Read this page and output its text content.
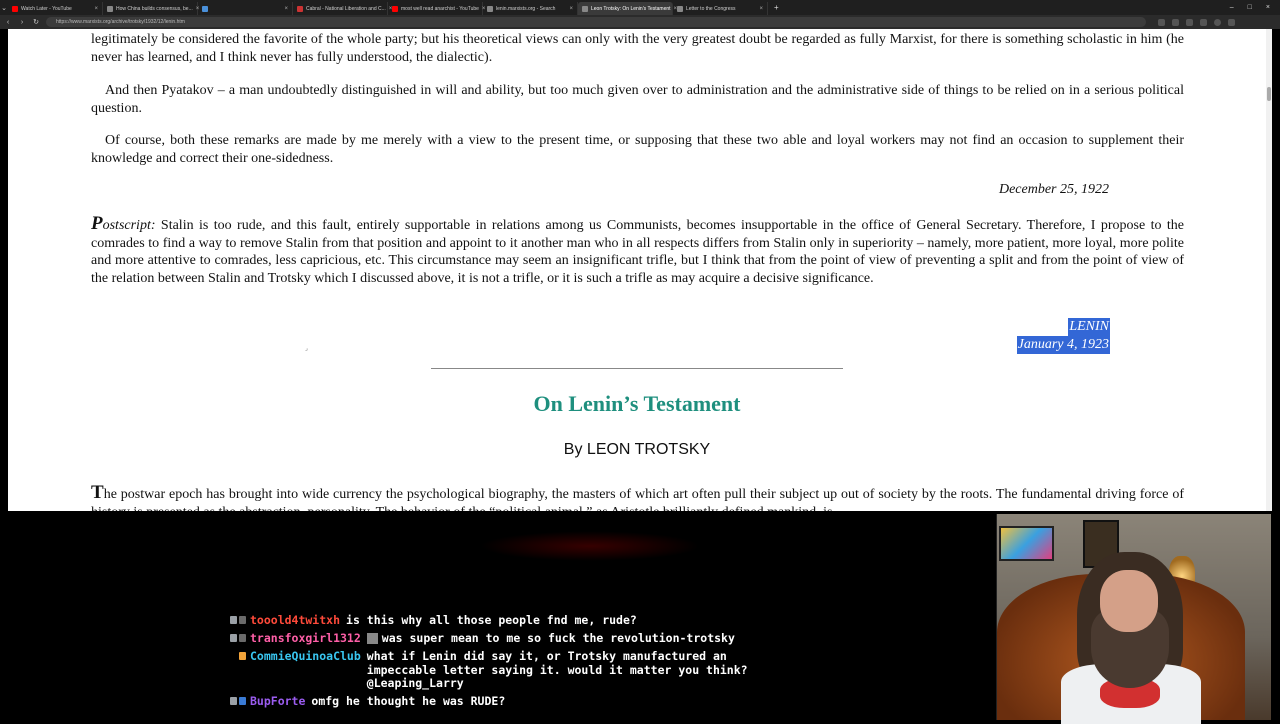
⌄	Watch Later - YouTube	×	How China builds consensus, be... ×	×	Cabral - National Liberation and C... × most well read anarchist - YouTube × lenin.marxists.org - Search	×	Leon Trotsky: On Lenin's Testament × Letter to the Congress	× +	– □ ×
‹	›	↻	https://www.marxists.org/archive/trotsky/1932/12/lenin.htm

legitimately be considered the favorite of the whole party; but his theoretical views can only with the very greatest doubt be regarded as fully Marxist, for there is something scholastic in him (he never has learned, and I think never has fully understood, the dialectic).

And then Pyatakov – a man undoubtedly distinguished in will and ability, but too much given over to administration and the administrative side of things to be relied on in a serious political question.

Of course, both these remarks are made by me merely with a view to the present time, or supposing that these two able and loyal workers may not find an occasion to supplement their knowledge and correct their one-sidedness.

December 25, 1922

Postscript: Stalin is too rude, and this fault, entirely supportable in relations among us Communists, becomes insupportable in the office of General Secretary. Therefore, I propose to the comrades to find a way to remove Stalin from that position and appoint to it another man who in all respects differs from Stalin only in superiority – namely, more patient, more loyal, more polite and more attentive to comrades, less capricious, etc. This circumstance may seem an insignificant trifle, but I think that from the point of view of preventing a split and from the point of view of the relation between Stalin and Trotsky which I discussed above, it is not a trifle, or it is such a trifle as may acquire a decisive significance.

LENIN
January 4, 1923
⌟
On Lenin’s Testament
By LEON TROTSKY

The postwar epoch has brought into wide currency the psychological biography, the masters of which art often pull their subject up out of society by the roots. The fundamental driving force of

tooold4twitxh is this why all those people fnd me, rude?
transfoxgirl1312	was super mean to me so fuck the revolution-trotsky
CommieQuinoaClub what if Lenin did say it, or Trotsky manufactured an
impeccable letter saying it. would it matter you think?
@Leaping_Larry
BupForte omfg he thought he was RUDE?
